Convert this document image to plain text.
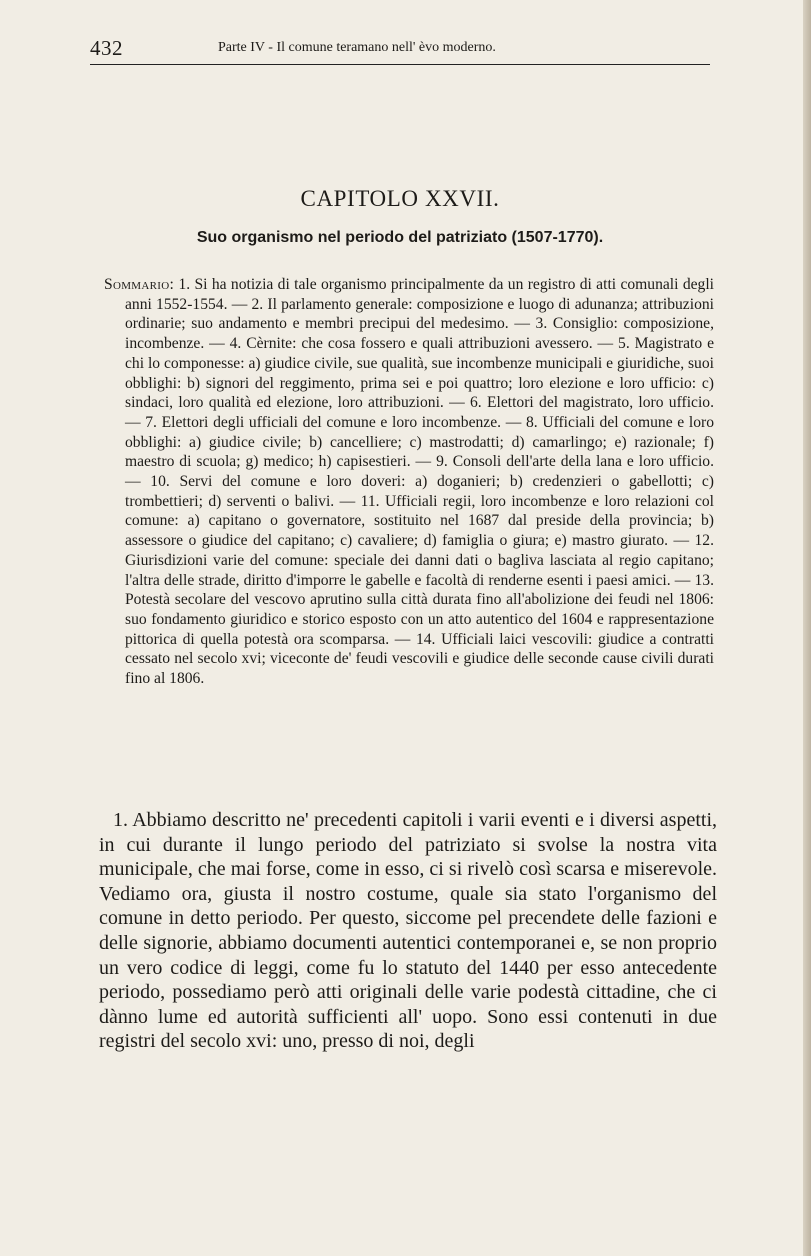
432	Parte IV - Il comune teramano nell' èvo moderno.
CAPITOLO XXVII.
Suo organismo nel periodo del patriziato (1507-1770).
Sommario: 1. Si ha notizia di tale organismo principalmente da un registro di atti comunali degli anni 1552-1554. — 2. Il parlamento generale: composizione e luogo di adunanza; attribuzioni ordinarie; suo andamento e membri precipui del medesimo. — 3. Consiglio: composizione, incombenze. — 4. Cèrnite: che cosa fossero e quali attribuzioni avessero. — 5. Magistrato e chi lo componesse: a) giudice civile, sue qualità, sue incombenze municipali e giuridiche, suoi obblighi: b) signori del reggimento, prima sei e poi quattro; loro elezione e loro ufficio: c) sindaci, loro qualità ed elezione, loro attribuzioni. — 6. Elettori del magistrato, loro ufficio. — 7. Elettori degli ufficiali del comune e loro incombenze. — 8. Ufficiali del comune e loro obblighi: a) giudice civile; b) cancelliere; c) mastrodatti; d) camarlingo; e) razionale; f) maestro di scuola; g) medico; h) capisestieri. — 9. Consoli dell'arte della lana e loro ufficio. — 10. Servi del comune e loro doveri: a) doganieri; b) credenzieri o gabellotti; c) trombettieri; d) serventi o balivi. — 11. Ufficiali regii, loro incombenze e loro relazioni col comune: a) capitano o governatore, sostituito nel 1687 dal preside della provincia; b) assessore o giudice del capitano; c) cavaliere; d) famiglia o giura; e) mastro giurato. — 12. Giurisdizioni varie del comune: speciale dei danni dati o bagliva lasciata al regio capitano; l'altra delle strade, diritto d'imporre le gabelle e facoltà di renderne esenti i paesi amici. — 13. Potestà secolare del vescovo aprutino sulla città durata fino all'abolizione dei feudi nel 1806: suo fondamento giuridico e storico esposto con un atto autentico del 1604 e rappresentazione pittorica di quella potestà ora scomparsa. — 14. Ufficiali laici vescovili: giudice a contratti cessato nel secolo xvi; viceconte de' feudi vescovili e giudice delle seconde cause civili durati fino al 1806.

1. Abbiamo descritto ne' precedenti capitoli i varii eventi e i diversi aspetti, in cui durante il lungo periodo del patriziato si svolse la nostra vita municipale, che mai forse, come in esso, ci si rivelò così scarsa e miserevole. Vediamo ora, giusta il nostro costume, quale sia stato l'organismo del comune in detto periodo. Per questo, siccome pel precendete delle fazioni e delle signorie, abbiamo documenti autentici contemporanei e, se non proprio un vero codice di leggi, come fu lo statuto del 1440 per esso antecedente periodo, possediamo però atti originali delle varie podestà cittadine, che ci dànno lume ed autorità sufficienti all' uopo. Sono essi contenuti in due registri del secolo xvi: uno, presso di noi, degli
